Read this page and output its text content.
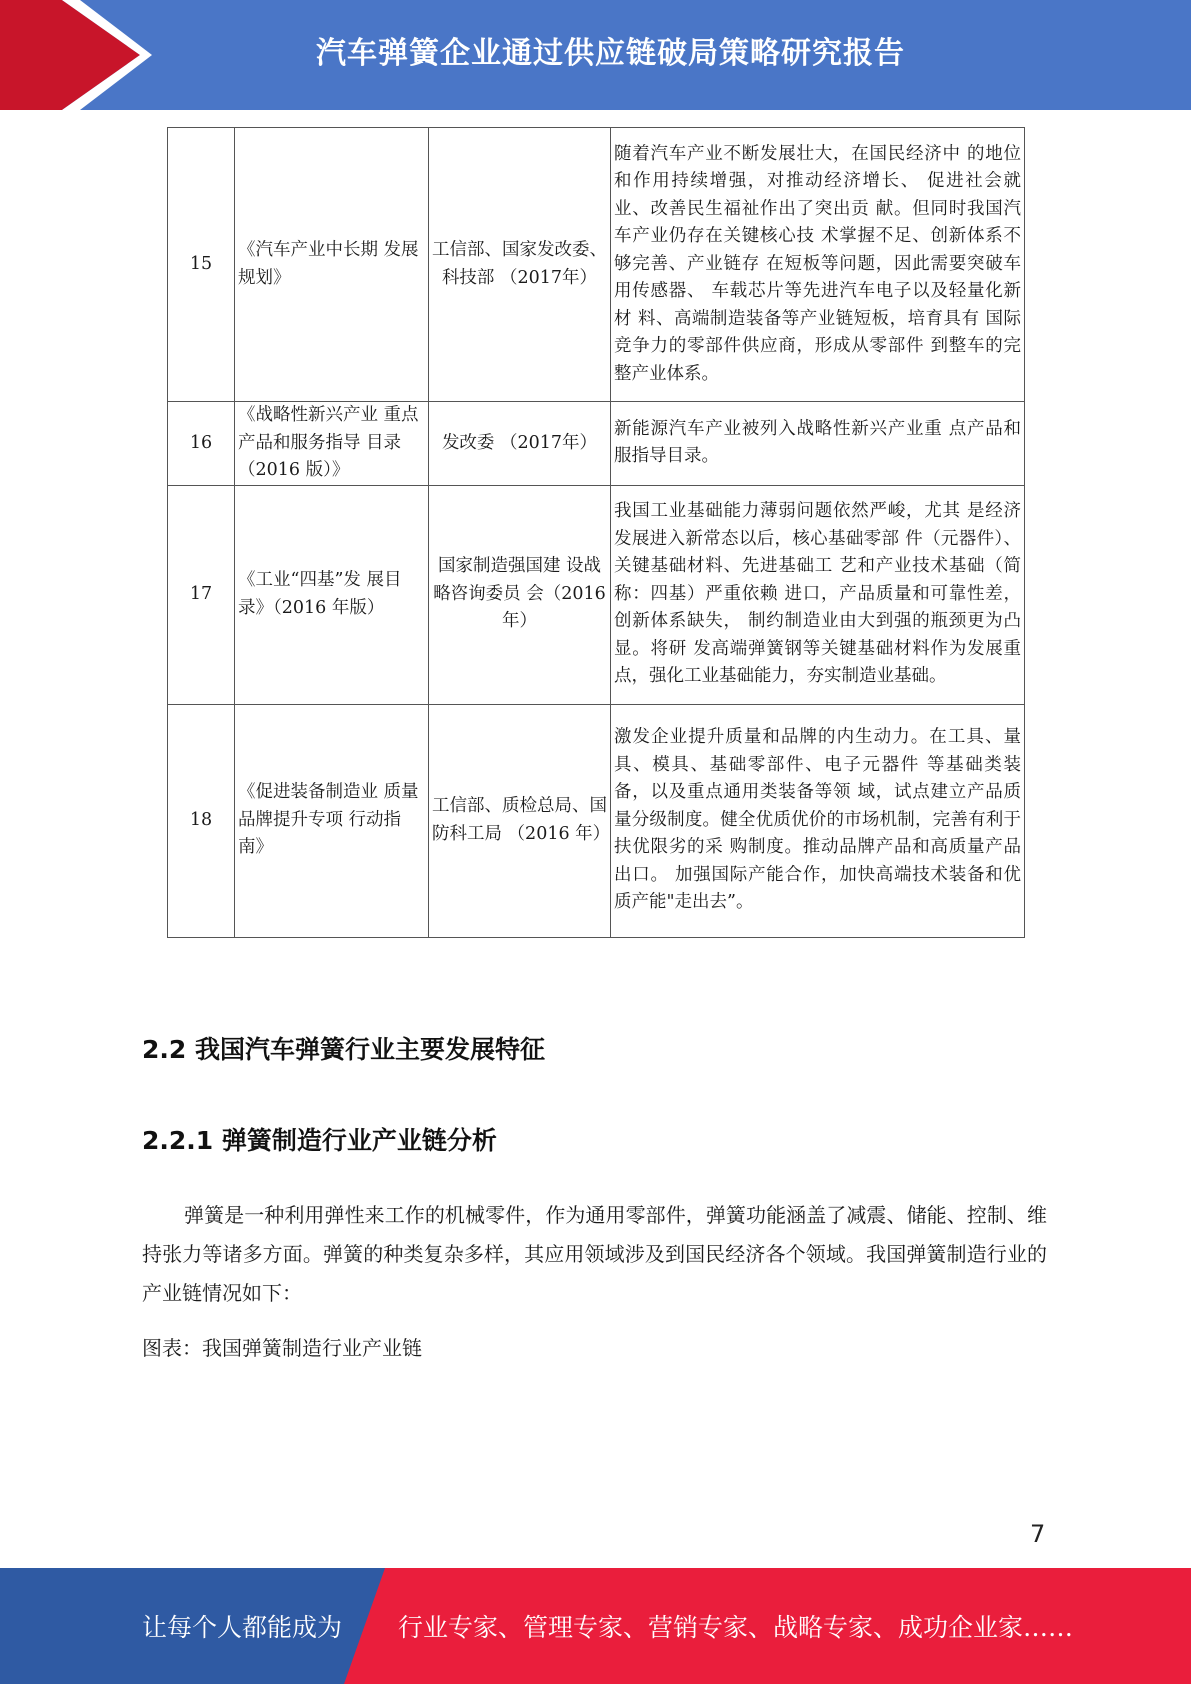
汽车弹簧企业通过供应链破局策略研究报告
15	《汽车产业中长期 发展规划》	工信部、国家发改委、科技部 （2017年）	随着汽车产业不断发展壮大，在国民经济中 的地位和作用持续增强，对推动经济增长、 促进社会就业、改善民生福祉作出了突出贡 献。但同时我国汽车产业仍存在关键核心技 术掌握不足、创新体系不够完善、产业链存 在短板等问题，因此需要突破车用传感器、 车载芯片等先进汽车电子以及轻量化新材 料、高端制造装备等产业链短板，培育具有 国际竞争力的零部件供应商，形成从零部件 到整车的完整产业体系。
16	《战略性新兴产业 重点产品和服务指导 目录（2016 版）》	发改委 （2017年）	新能源汽车产业被列入战略性新兴产业重 点产品和服指导目录。
17	《工业“四基”发 展目录》（2016 年版）	国家制造强国建 设战略咨询委员 会（2016 年）	我国工业基础能力薄弱问题依然严峻，尤其 是经济发展进入新常态以后，核心基础零部 件（元器件）、关键基础材料、先进基础工 艺和产业技术基础（简称：四基）严重依赖 进口，产品质量和可靠性差，创新体系缺失， 制约制造业由大到强的瓶颈更为凸显。将研 发高端弹簧钢等关键基础材料作为发展重 点，强化工业基础能力，夯实制造业基础。
18	《促进装备制造业 质量品牌提升专项 行动指南》	工信部、质检总局、国防科工局 （2016 年）	激发企业提升质量和品牌的内生动力。在工具、量具、模具、基础零部件、电子元器件 等基础类装备，以及重点通用类装备等领 域，试点建立产品质量分级制度。健全优质优价的市场机制，完善有利于扶优限劣的采 购制度。推动品牌产品和高质量产品出口。 加强国际产能合作，加快高端技术装备和优 质产能"走出去”。
2.2 我国汽车弹簧行业主要发展特征
2.2.1 弹簧制造行业产业链分析

弹簧是一种利用弹性来工作的机械零件，作为通用零部件，弹簧功能涵盖了减震、储能、控制、维持张力等诸多方面。弹簧的种类复杂多样，其应用领域涉及到国民经济各个领域。我国弹簧制造行业的产业链情况如下：

图表：我国弹簧制造行业产业链

7
让每个人都能成为 行业专家、管理专家、营销专家、战略专家、成功企业家……
